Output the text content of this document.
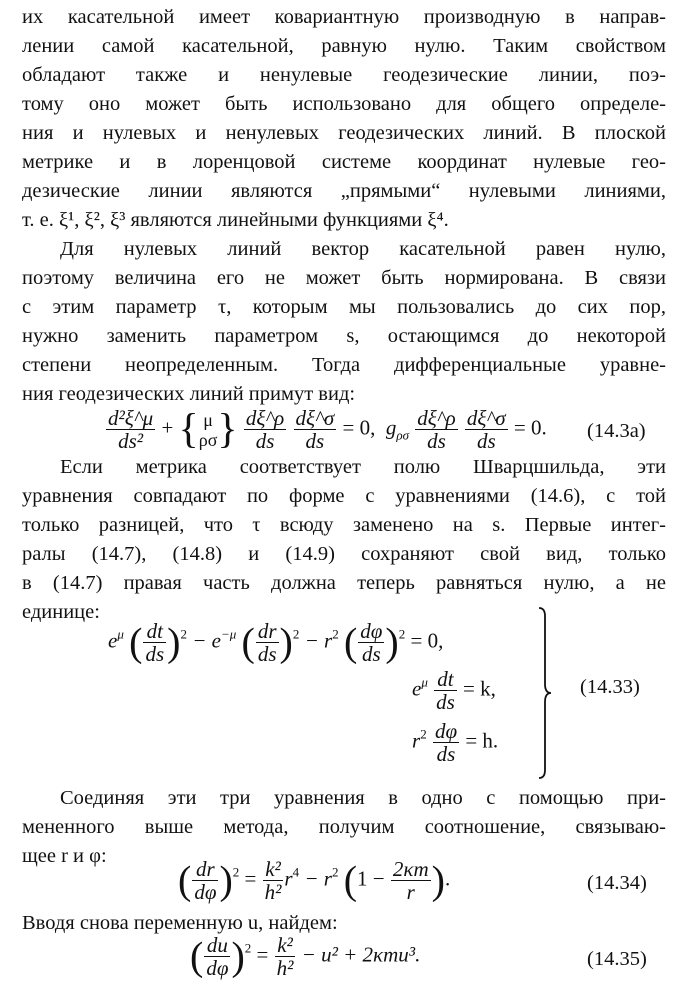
их касательной имеет ковариантную производную в направ-
лении самой касательной, равную нулю. Таким свойством
обладают также и ненулевые геодезические линии, поэ-
тому оно может быть использовано для общего определе-
ния и нулевых и ненулевых геодезических линий. В плоской
метрике и в лоренцовой системе координат нулевые гео-
дезические линии являются „прямыми“ нулевыми линиями,
т. е. ξ¹, ξ², ξ³ являются линейными функциями ξ⁴.
Для нулевых линий вектор касательной равен нулю,
поэтому величина его не может быть нормирована. В связи
с этим параметр τ, которым мы пользовались до сих пор,
нужно заменить параметром s, остающимся до некоторой
степени неопределенным. Тогда дифференциальные уравне-
ния геодезических линий примут вид:
$\frac{\text{d²ξ\textasciicircum{}μ}}{\text{ds²}}$ + { μ
ρσ } $\frac{d\xi\^{}\rho}{ds}$
$\frac{d\xi\^{}\sigma}{ds} = 0$, $g_{\rho\sigma} \frac{d\xi\^{}\rho}{ds}$
$\frac{d\xi\^{}\sigma}{ds} = 0$. (14.3a)
Если метрика соответствует полю Шварцшильда, эти
уравнения совпадают по форме с уравнениями (14.6), с той
только разницей, что τ всюду заменено на s. Первые интег-
ралы (14.7), (14.8) и (14.9) сохраняют свой вид, только
в (14.7) правая часть должна теперь равняться нулю, а не
единице:
$e^\mu$ ( $\frac{dt}{ds} )^2 - e^{-\mu}$ ( $\frac{dr}{ds} )^2 - r^2$ ( $\frac{d\varphi}{ds} )^2 = 0$,
$e^\mu \frac{dt}{ds} = k$,
$r^2 \frac{d\varphi}{ds} = h$.
(14.33)
Соединяя эти три уравнения в одно с помощью при-
мененного выше метода, получим соотношение, связываю-
щее r и φ:
( $\frac{dr}{d\varphi} )^2 = \frac{\text{k²}}{\text{h²}} r^4 - r^2$ ($1 - \frac{2\kappa m}{r}$ ).	(14.34)
Вводя снова переменную u, найдем:
( $\frac{du}{d\varphi} )^2 = \frac{\text{k²}}{\text{h²}} - u^2 + 2\kappa mu^3$.	(14.35)
